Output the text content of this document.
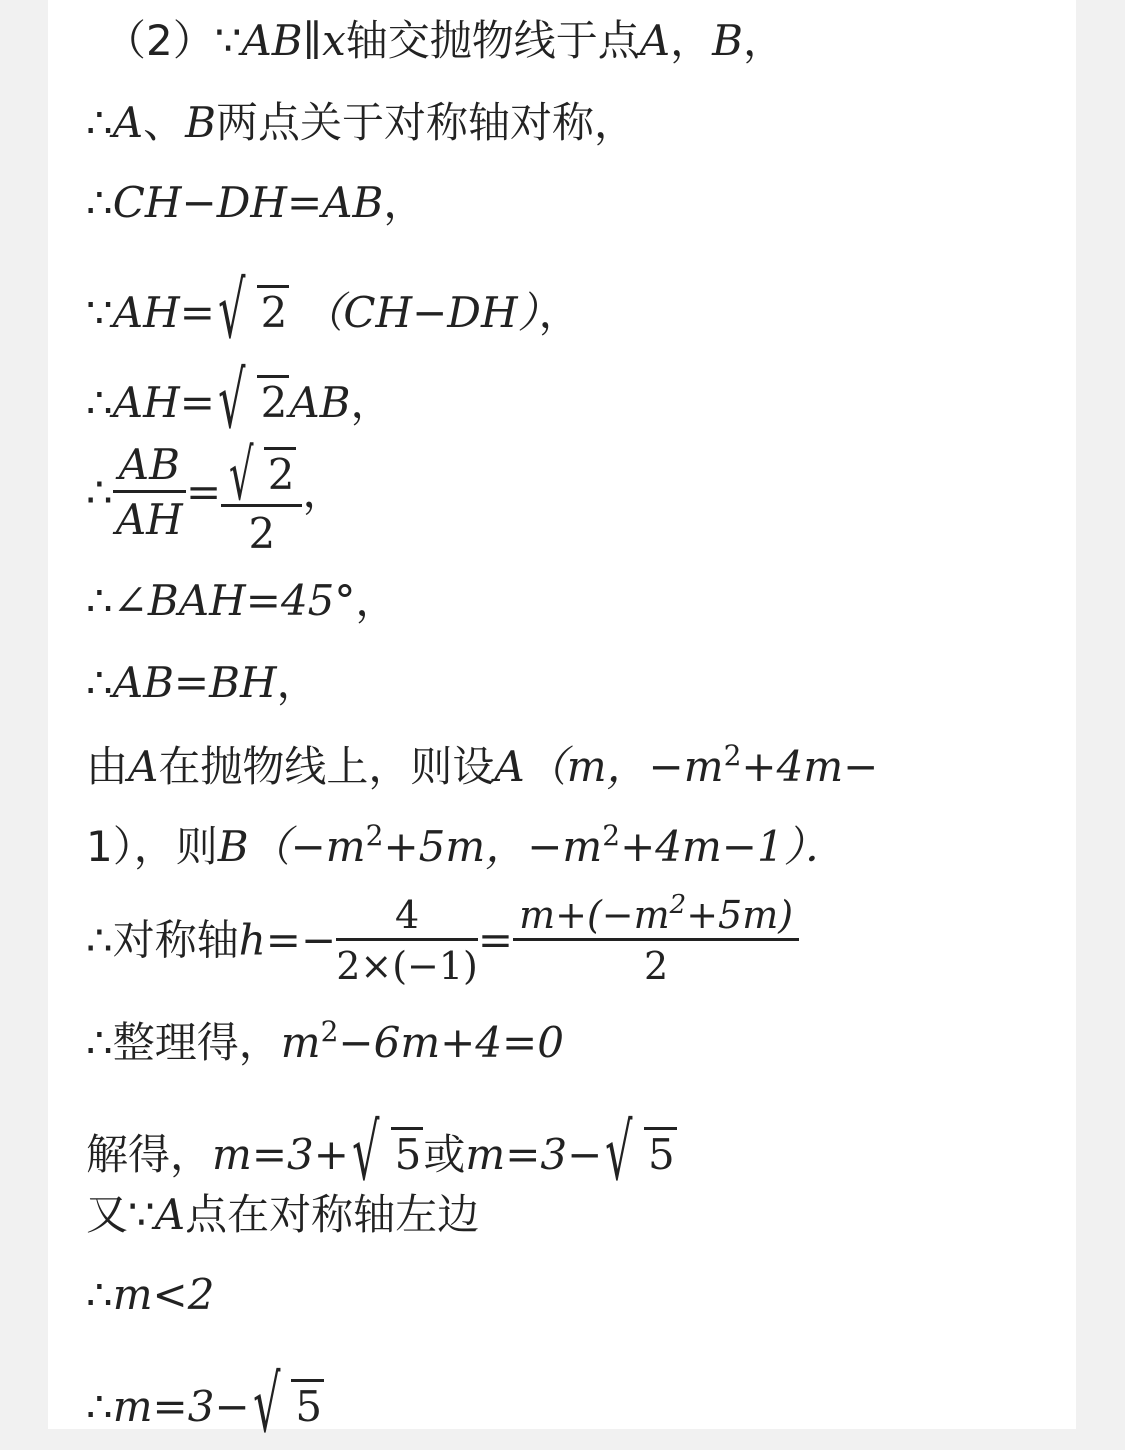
（2）∵AB∥x轴交抛物线于点A，B，
∴A、B两点关于对称轴对称，
∴CH−DH=AB，
∵AH=√ 2 （CH−DH），
∴AH=√ 2AB，
∴ $\frac{AB}{AH} = \frac{√ 2}{2}$ ，
∴∠BAH=45°，
∴AB=BH，
由A在抛物线上，则设A（m，$-m^2+4m-$
1），则$B(-m^2+5m$，$-m^2+4m-1$）．
∴对称轴$h=- \frac{4}{2\times(-1)} = \frac{m+(-m^2+5m)}{2}$
∴整理得，$m^2-6m+4=0$
解得，m=3+√ 5或m=3−√ 5
又∵A点在对称轴左边
∴m<2
∴m=3−√ 5
